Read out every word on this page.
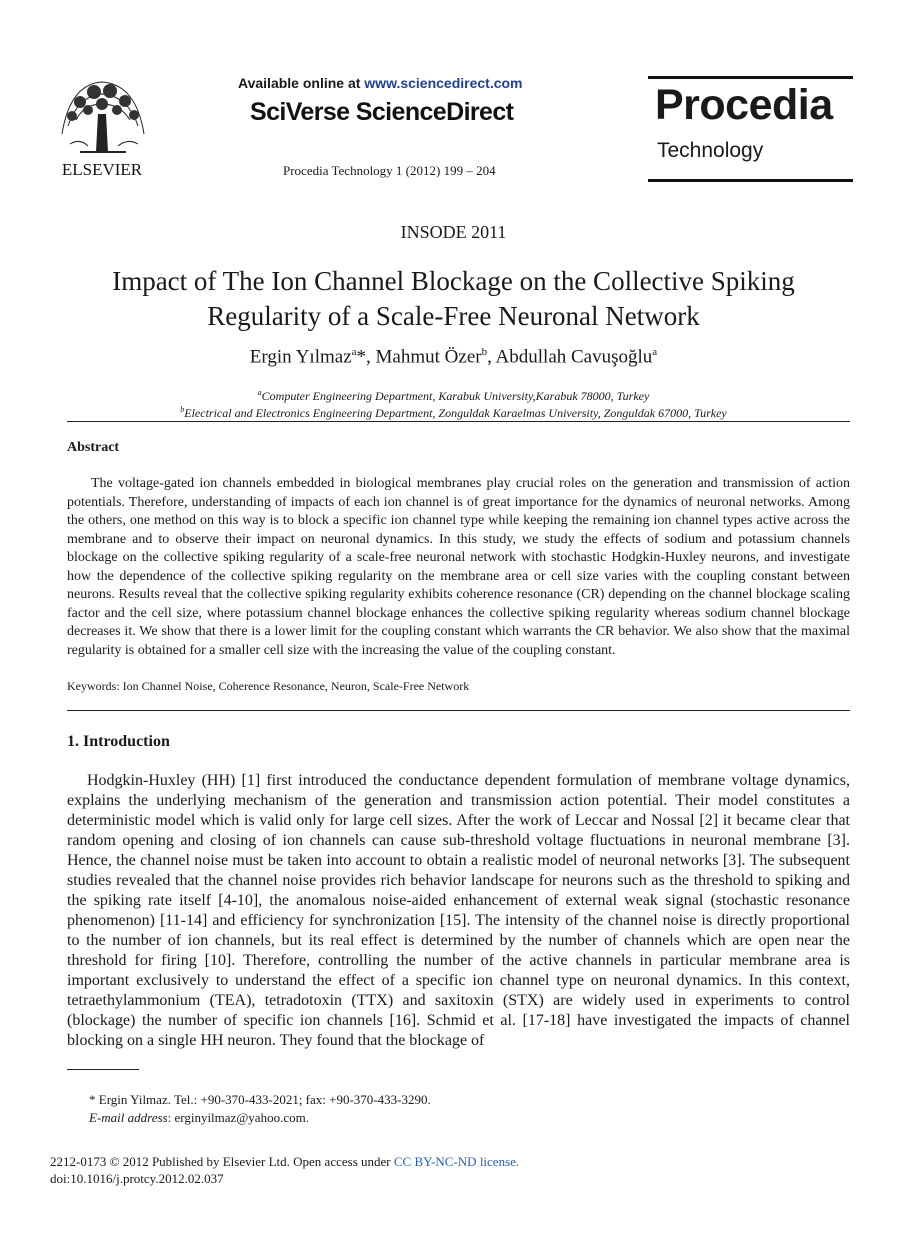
ELSEVIER
Available online at www.sciencedirect.com
SciVerse ScienceDirect
Procedia Technology 1 (2012) 199 – 204
Procedia
Technology
INSODE 2011
Impact of The Ion Channel Blockage on the Collective Spiking Regularity of a Scale-Free Neuronal Network
Ergin Yılmaz$^a$*, Mahmut Özer$^b$, Abdullah Cavuşoğlu$^a$
$^a$Computer Engineering Department, Karabuk University,Karabuk 78000, Turkey
$^b$Electrical and Electronics Engineering Department, Zonguldak Karaelmas University, Zonguldak 67000, Turkey
Abstract
The voltage-gated ion channels embedded in biological membranes play crucial roles on the generation and transmission of action potentials. Therefore, understanding of impacts of each ion channel is of great importance for the dynamics of neuronal networks. Among the others, one method on this way is to block a specific ion channel type while keeping the remaining ion channel types active across the membrane and to observe their impact on neuronal dynamics. In this study, we study the effects of sodium and potassium channels blockage on the collective spiking regularity of a scale-free neuronal network with stochastic Hodgkin-Huxley neurons, and investigate how the dependence of the collective spiking regularity on the membrane area or cell size varies with the coupling constant between neurons. Results reveal that the collective spiking regularity exhibits coherence resonance (CR) depending on the channel blockage scaling factor and the cell size, where potassium channel blockage enhances the collective spiking regularity whereas sodium channel blockage decreases it. We show that there is a lower limit for the coupling constant which warrants the CR behavior. We also show that the maximal regularity is obtained for a smaller cell size with the increasing the value of the coupling constant.
Keywords: Ion Channel Noise, Coherence Resonance, Neuron, Scale-Free Network
1. Introduction
Hodgkin-Huxley (HH) [1] first introduced the conductance dependent formulation of membrane voltage dynamics, explains the underlying mechanism of the generation and transmission action potential. Their model constitutes a deterministic model which is valid only for large cell sizes. After the work of Leccar and Nossal [2] it became clear that random opening and closing of ion channels can cause sub-threshold voltage fluctuations in neuronal membrane [3]. Hence, the channel noise must be taken into account to obtain a realistic model of neuronal networks [3]. The subsequent studies revealed that the channel noise provides rich behavior landscape for neurons such as the threshold to spiking and the spiking rate itself [4-10], the anomalous noise-aided enhancement of external weak signal (stochastic resonance phenomenon) [11-14] and efficiency for synchronization [15]. The intensity of the channel noise is directly proportional to the number of ion channels, but its real effect is determined by the number of channels which are open near the threshold for firing [10]. Therefore, controlling the number of the active channels in particular membrane area is important exclusively to understand the effect of a specific ion channel type on neuronal dynamics. In this context, tetraethylammonium (TEA), tetradotoxin (TTX) and saxitoxin (STX) are widely used in experiments to control (blockage) the number of specific ion channels [16]. Schmid et al. [17-18] have investigated the impacts of channel blocking on a single HH neuron. They found that the blockage of
* Ergin Yilmaz. Tel.: +90-370-433-2021; fax: +90-370-433-3290.
E-mail address: erginyilmaz@yahoo.com.
2212-0173 © 2012 Published by Elsevier Ltd. Open access under CC BY-NC-ND license.
doi:10.1016/j.protcy.2012.02.037
